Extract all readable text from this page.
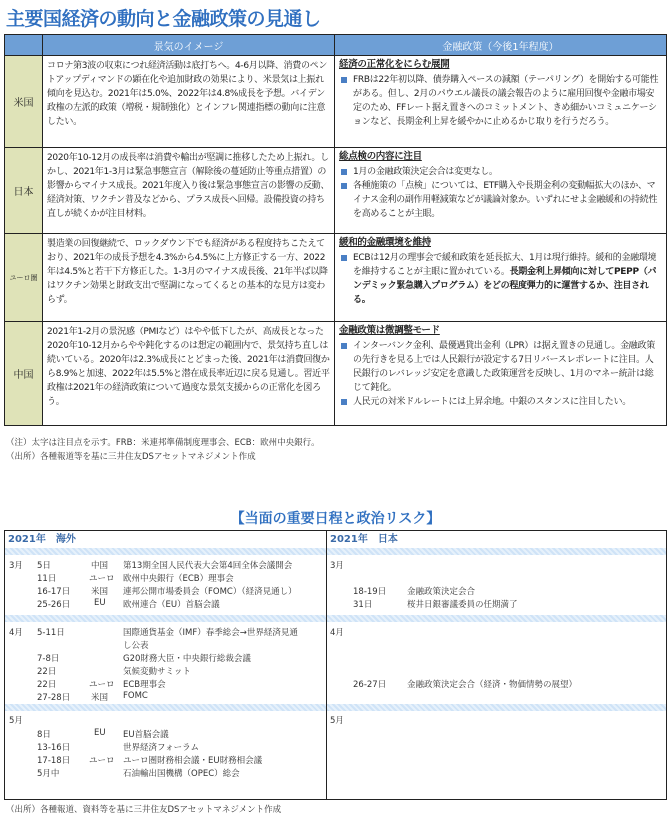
主要国経済の動向と金融政策の見通し
	景気のイメージ	金融政策（今後1年程度）
米国	コロナ第3波の収束につれ経済活動は底打ちへ。4-6月以降、消費のペントアップディマンドの顕在化や追加財政の効果により、米景気は上振れ傾向を見込む。2021年は5.0%、2022年は4.8%成長を予想。バイデン政権の左派的政策（増税・規制強化）とインフレ関連指標の動向に注意したい。	経済の正常化をにらむ展開
FRBは22年初以降、債券購入ペースの減額（テーパリング）を開始する可能性がある。但し、2月のパウエル議長の議会報告のように雇用回復や金融市場安定のため、FFレート据え置きへのコミットメント、きめ細かいコミュニケーションなど、長期金利上昇を緩やかに止めるかじ取りを行うだろう。

日本	2020年10-12月の成長率は消費や輸出が堅調に推移したため上振れ。しかし、2021年1-3月は緊急事態宣言（解除後の蔓延防止等重点措置）の影響からマイナス成長。2021年度入り後は緊急事態宣言の影響の反動、経済対策、ワクチン普及などから、プラス成長へ回帰。設備投資の持ち直しが続くかが注目材料。	総点検の内容に注目
1月の金融政策決定会合は変更なし。
各種施策の「点検」については、ETF購入や長期金利の変動幅拡大のほか、マイナス金利の副作用軽減策などが議論対象か。いずれにせよ金融緩和の持続性を高めることが主眼。

ユーロ圏	製造業の回復継続で、ロックダウン下でも経済がある程度持ちこたえており、2021年の成長予想を4.3%から4.5%に上方修正する一方、2022年は4.5%と若干下方修正した。1-3月のマイナス成長後、21年半ば以降はワクチン効果と財政支出で堅調になってくるとの基本的な見方は変わらず。	緩和的金融環境を維持
ECBは12月の理事会で緩和政策を延長拡大、1月は現行維持。緩和的金融環境を維持することが主眼に置かれている。長期金利上昇傾向に対してPEPP（パンデミック緊急購入プログラム）をどの程度弾力的に運営するか、注目される。

中国	2021年1-2月の景況感（PMIなど）はやや低下したが、高成長となった2020年10-12月からやや鈍化するのは想定の範囲内で、景気持ち直しは続いている。2020年は2.3%成長にとどまった後、2021年は消費回復から8.9%と加速、2022年は5.5%と潜在成長率近辺に戻る見通し。習近平政権は2021年の経済政策について過度な景気支援からの正常化を図ろう。	金融政策は微調整モード
インターバンク金利、最優遇貸出金利（LPR）は据え置きの見通し。金融政策の先行きを見る上では人民銀行が設定する7日リバースレポレートに注目。人民銀行のレバレッジ安定を意識した政策運営を反映し、1月のマネー統計は総じて鈍化。
人民元の対米ドルレートには上昇余地。中銀のスタンスに注目したい。
（注）太字は注目点を示す。FRB：米連邦準備制度理事会、ECB：欧州中央銀行。
（出所）各種報道等を基に三井住友DSアセットマネジメント作成
【当面の重要日程と政治リスク】
2021年　海外
3月 5日	中国 第13期全国人民代表大会第4回全体会議開会
11日	ユーロ 欧州中央銀行（ECB）理事会
16-17日 米国 連邦公開市場委員会（FOMC）（経済見通し）
25-26日	EU 欧州連合（EU）首脳会議
4月 5-11日	国際通貨基金（IMF）春季総会→世界経済見通
し公表
7-8日	G20財務大臣・中央銀行総裁会議
22日	気候変動サミット
22日	ユーロ ECB理事会
27-28日 米国 FOMC
5月
8日	EU EU首脳会議
13-16日	世界経済フォーラム
17-18日 ユーロ ユーロ圏財務相会議・EU財務相会議
5月中	石油輸出国機構（OPEC）総会
2021年　日本
3月
18-19日 金融政策決定会合
31日	桜井日銀審議委員の任期満了
4月
26-27日 金融政策決定会合（経済・物価情勢の展望）
5月
（出所）各種報道、資料等を基に三井住友DSアセットマネジメント作成
